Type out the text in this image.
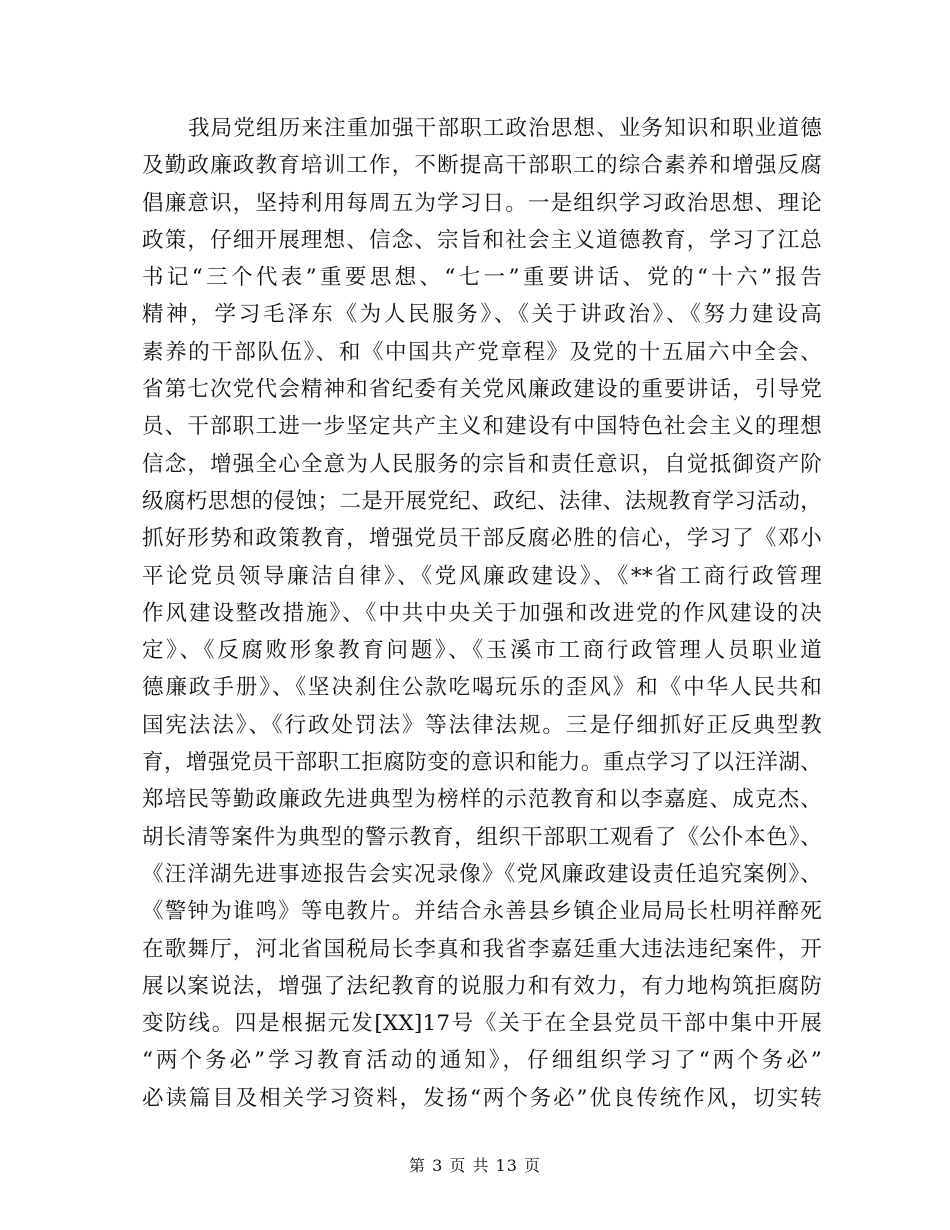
我局党组历来注重加强干部职工政治思想、业务知识和职业道德
及勤政廉政教育培训工作，不断提高干部职工的综合素养和增强反腐
倡廉意识，坚持利用每周五为学习日。一是组织学习政治思想、理论
政策，仔细开展理想、信念、宗旨和社会主义道德教育，学习了江总
书记“三个代表”重要思想、“七一”重要讲话、党的“十六”报告
精神，学习毛泽东《为人民服务》、《关于讲政治》、《努力建设高
素养的干部队伍》、和《中国共产党章程》及党的十五届六中全会、
省第七次党代会精神和省纪委有关党风廉政建设的重要讲话，引导党
员、干部职工进一步坚定共产主义和建设有中国特色社会主义的理想
信念，增强全心全意为人民服务的宗旨和责任意识，自觉抵御资产阶
级腐朽思想的侵蚀；二是开展党纪、政纪、法律、法规教育学习活动，
抓好形势和政策教育，增强党员干部反腐必胜的信心，学习了《邓小
平论党员领导廉洁自律》、《党风廉政建设》、《**省工商行政管理
作风建设整改措施》、《中共中央关于加强和改进党的作风建设的决
定》、《反腐败形象教育问题》、《玉溪市工商行政管理人员职业道
德廉政手册》、《坚决刹住公款吃喝玩乐的歪风》和《中华人民共和
国宪法法》、《行政处罚法》等法律法规。三是仔细抓好正反典型教
育，增强党员干部职工拒腐防变的意识和能力。重点学习了以汪洋湖、
郑培民等勤政廉政先进典型为榜样的示范教育和以李嘉庭、成克杰、
胡长清等案件为典型的警示教育，组织干部职工观看了《公仆本色》、
《汪洋湖先进事迹报告会实况录像》《党风廉政建设责任追究案例》、
《警钟为谁鸣》等电教片。并结合永善县乡镇企业局局长杜明祥醉死
在歌舞厅，河北省国税局长李真和我省李嘉廷重大违法违纪案件，开
展以案说法，增强了法纪教育的说服力和有效力，有力地构筑拒腐防
变防线。四是根据元发[XX]17号《关于在全县党员干部中集中开展
“两个务必”学习教育活动的通知》，仔细组织学习了“两个务必”
必读篇目及相关学习资料，发扬“两个务必”优良传统作风，切实转
第 3 页 共 13 页
